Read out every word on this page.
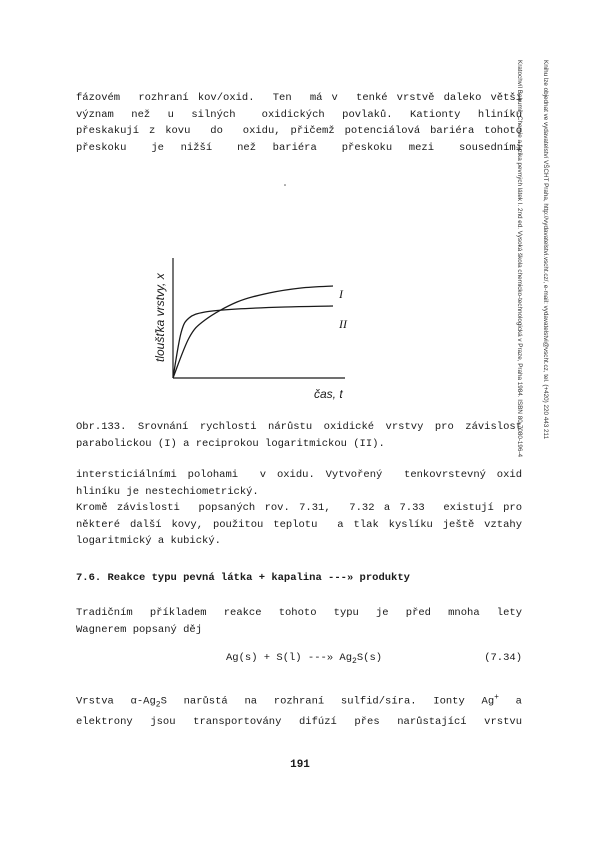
fázovém  rozhraní kov/oxid.  Ten  má v  tenké vrstvě daleko větší
význam  než  u  silných   oxidických  povlaků.  Kationty  hliníku
přeskakují z kovu  do  oxidu, přičemž potenciálová bariéra tohoto
přeskoku   je  nižší   než  bariéra   přeskoku  mezi   sousedními
tloušťka vrstvy, x
čas, t
I
II
Obr.133. Srovnání rychlosti nárůstu oxidické vrstvy pro závislost
parabolickou (I) a reciprokou logaritmickou (II).
intersticiálními polohami  v oxidu. Vytvořený  tenkovrstevný oxid
hliníku je nestechiometrický.
Kromě závislosti  popsaných rov. 7.31,  7.32 a 7.33  existují pro
některé další kovy, použitou teplotu  a tlak kyslíku ještě vztahy
logaritmický a kubický.
7.6. Reakce typu pevná látka + kapalina ---» produkty
Tradičním  příkladem  reakce  tohoto  typu  je  před  mnoha  lety
Wagnerem popsaný děj
Ag(s) + S(l) ---» $Ag_2S(s)$	(7.34)
Vrstva  $\alpha-Ag_2S$  narůstá  na  rozhraní  sulfid/síra.  Ionty  Ag+  a
elektrony  jsou  transportovány  difúzí  přes  narůstající  vrstvu
191

Knihu lze objednat ve vydavatelství VŠCHT Praha, http://vydavatelstvi.vscht.cz/, e-mail: vydavatelstvi@vscht.cz, tel. (+420) 220 443 211

Kratochvíl Bohumil: Chemie a fyzika pevných látek I. 2nd ed. Vysoká škola chemicko-technologická v Praze, Praha 1984. ISBN 80-7080-196-4
